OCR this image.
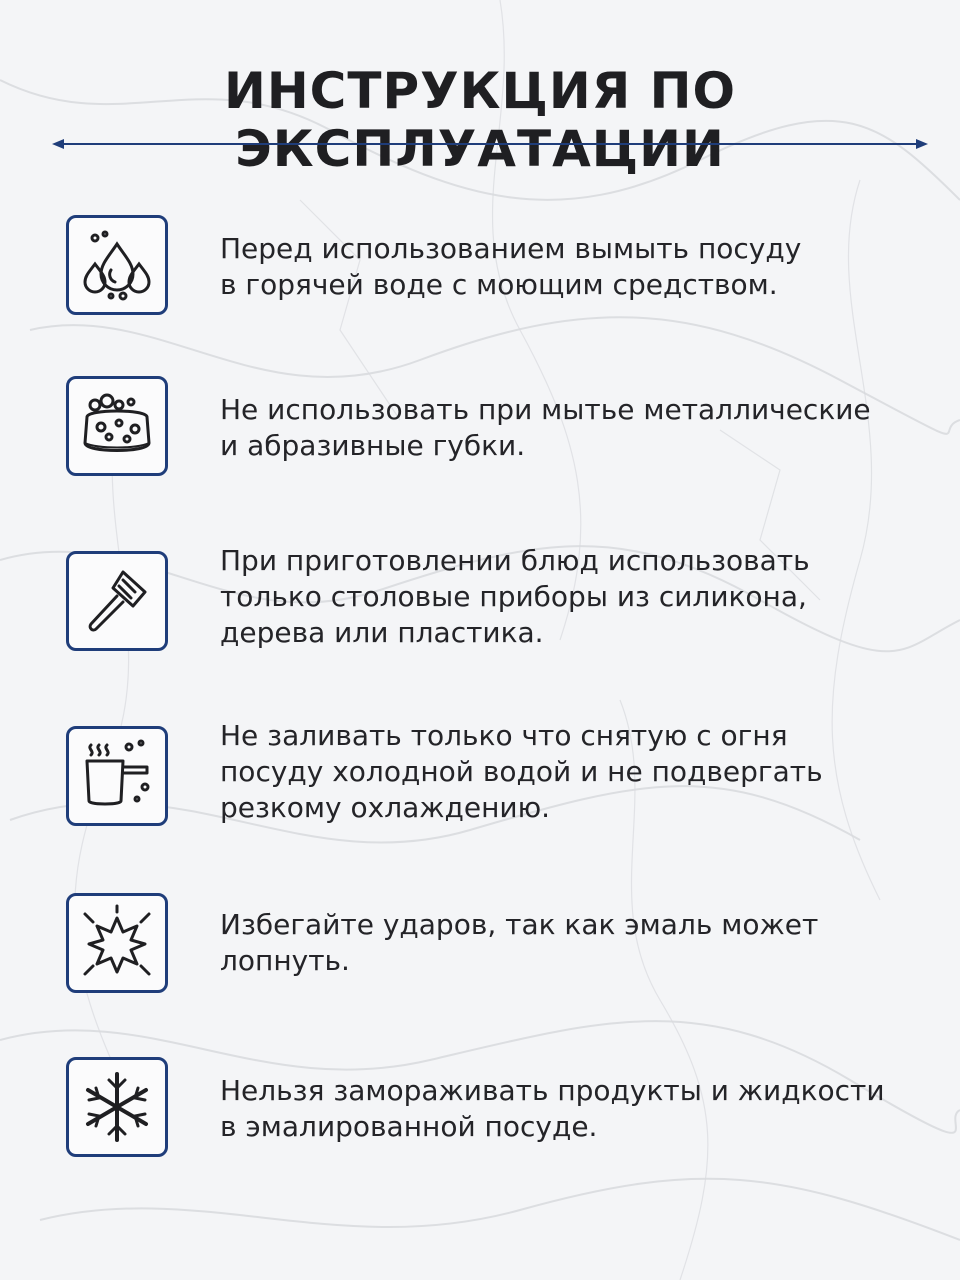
ИНСТРУКЦИЯ ПО ЭКСПЛУАТАЦИИ
Перед использованием вымыть посуду
в горячей воде с моющим средством.
Не использовать при мытье металлические
и абразивные губки.
При приготовлении блюд использовать
только столовые приборы из силикона,
дерева или пластика.
Не заливать только что снятую с огня
посуду холодной водой и не подвергать
резкому охлаждению.
Избегайте ударов, так как эмаль может
лопнуть.
Нельзя замораживать продукты и жидкости
в эмалированной посуде.
